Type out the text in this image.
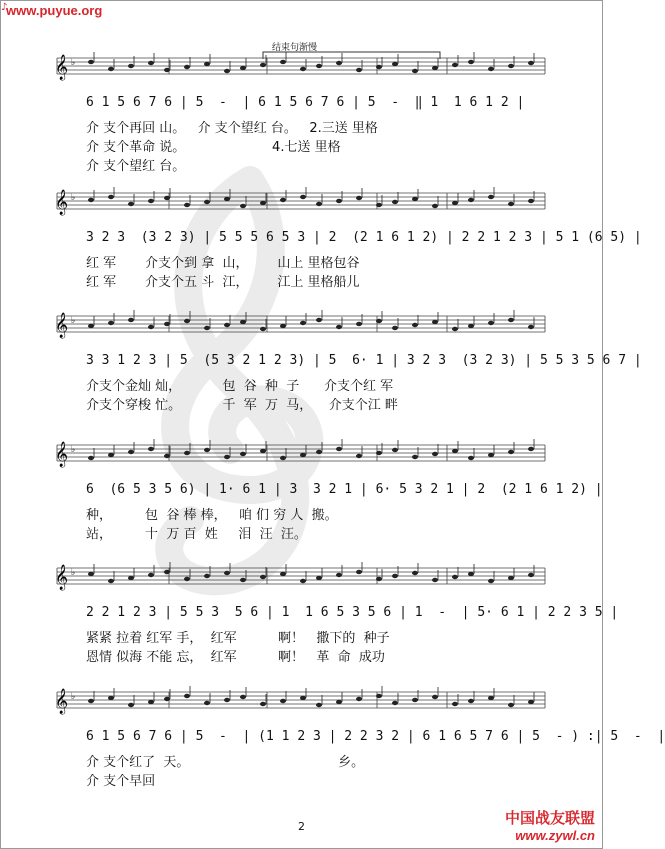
♪
www.puyue.org
结束句渐慢
𝄞 ♭
6 1 5 6 7 6 | 5  -  | 6 1 5 6 7 6 | 5  -  ‖ 1  1 6 1 2 |
介 支个再回 山。   介 支个望红 台。   2.三送 里格
介 支个革命 说。                     4.七送 里格
介 支个望红 台。
𝄞 ♭
3 2 3  (3 2 3) | 5 5 5 6 5 3 | 2  (2 1 6 1 2) | 2 2 1 2 3 | 5 1 (6 5) |
红 军       介支个到 拿  山，       山上 里格包谷
红 军       介支个五 斗  江，       江上 里格船儿
𝄞 ♭
3 3 1 2 3 | 5  (5 3 2 1 2 3) | 5  6· 1 | 3 2 3  (3 2 3) | 5 5 3 5 6 7 |
介支个金灿 灿，          包  谷  种  子      介支个红 军
介支个穿梭 忙。          千  军  万  马，    介支个江 畔
𝄞 ♭
6  (6 5 3 5 6) | 1· 6 1 | 3  3 2 1 | 6· 5 3 2 1 | 2  (2 1 6 1 2) |
种，        包  谷 棒 棒，   咱 们 穷 人  搬。
站，        十  万 百  姓     泪  汪  汪。
𝄞 ♭
2 2 1 2 3 | 5 5 3  5 6 | 1  1 6 5 3 5 6 | 1  -  | 5· 6 1 | 2 2 3 5 |
紧紧 拉着 红军 手，  红军          啊！   撒下的  种子
恩情 似海 不能 忘，  红军          啊！   革  命  成功
𝄞 ♭
6 1 5 6 7 6 | 5  -  | (1 1 2 3 | 2 2 3 2 | 6 1 6 5 7 6 | 5  - ) :| 5  -  |
介 支个红了  天。                                    乡。
介 支个早回
2	中国战友联盟
www.zywl.cn
